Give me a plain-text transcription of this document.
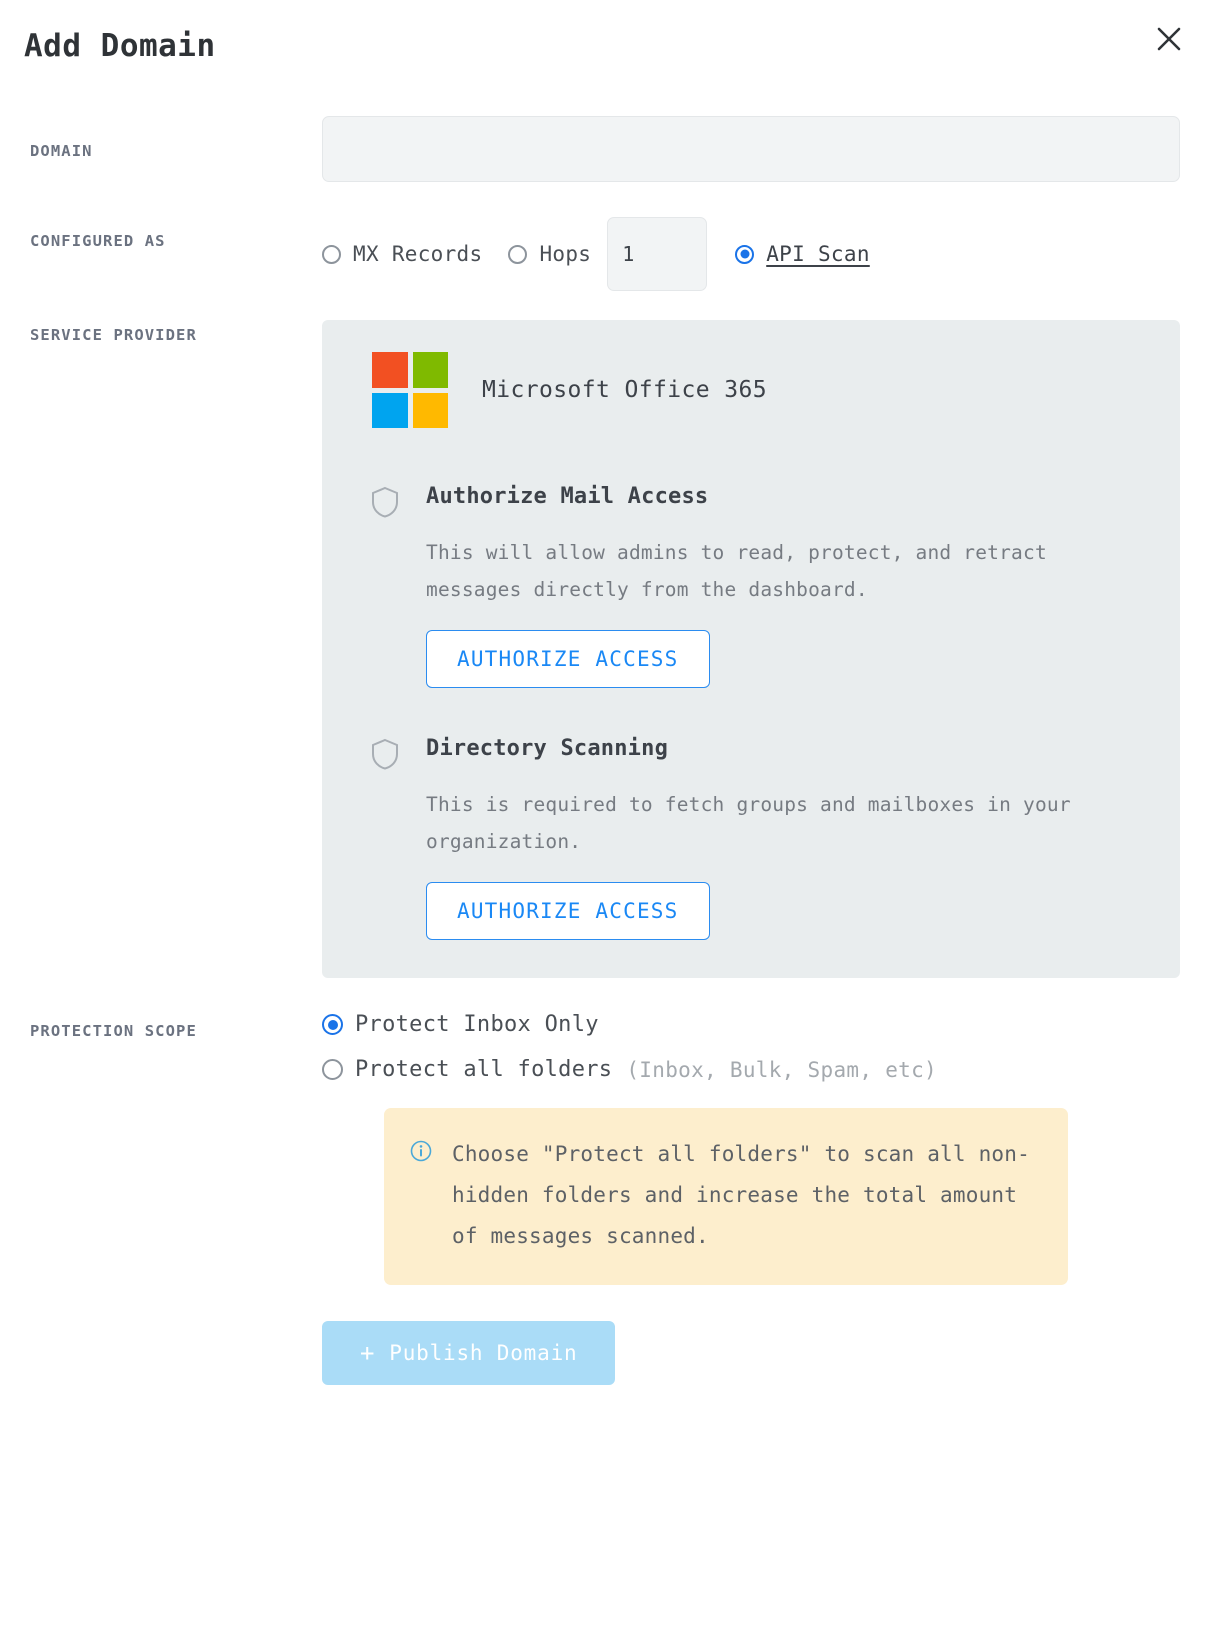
Add Domain
DOMAIN
CONFIGURED AS
MX Records	Hops
1	API Scan
SERVICE PROVIDER
Microsoft Office 365
Authorize Mail Access
This will allow admins to read, protect, and retract messages directly from the dashboard.
AUTHORIZE ACCESS
Directory Scanning
This is required to fetch groups and mailboxes in your organization.
AUTHORIZE ACCESS
PROTECTION SCOPE	Protect Inbox Only
Protect all folders (Inbox, Bulk, Spam, etc)
Choose "Protect all folders" to scan all non-hidden folders and increase the total amount of messages scanned.
+ Publish Domain
